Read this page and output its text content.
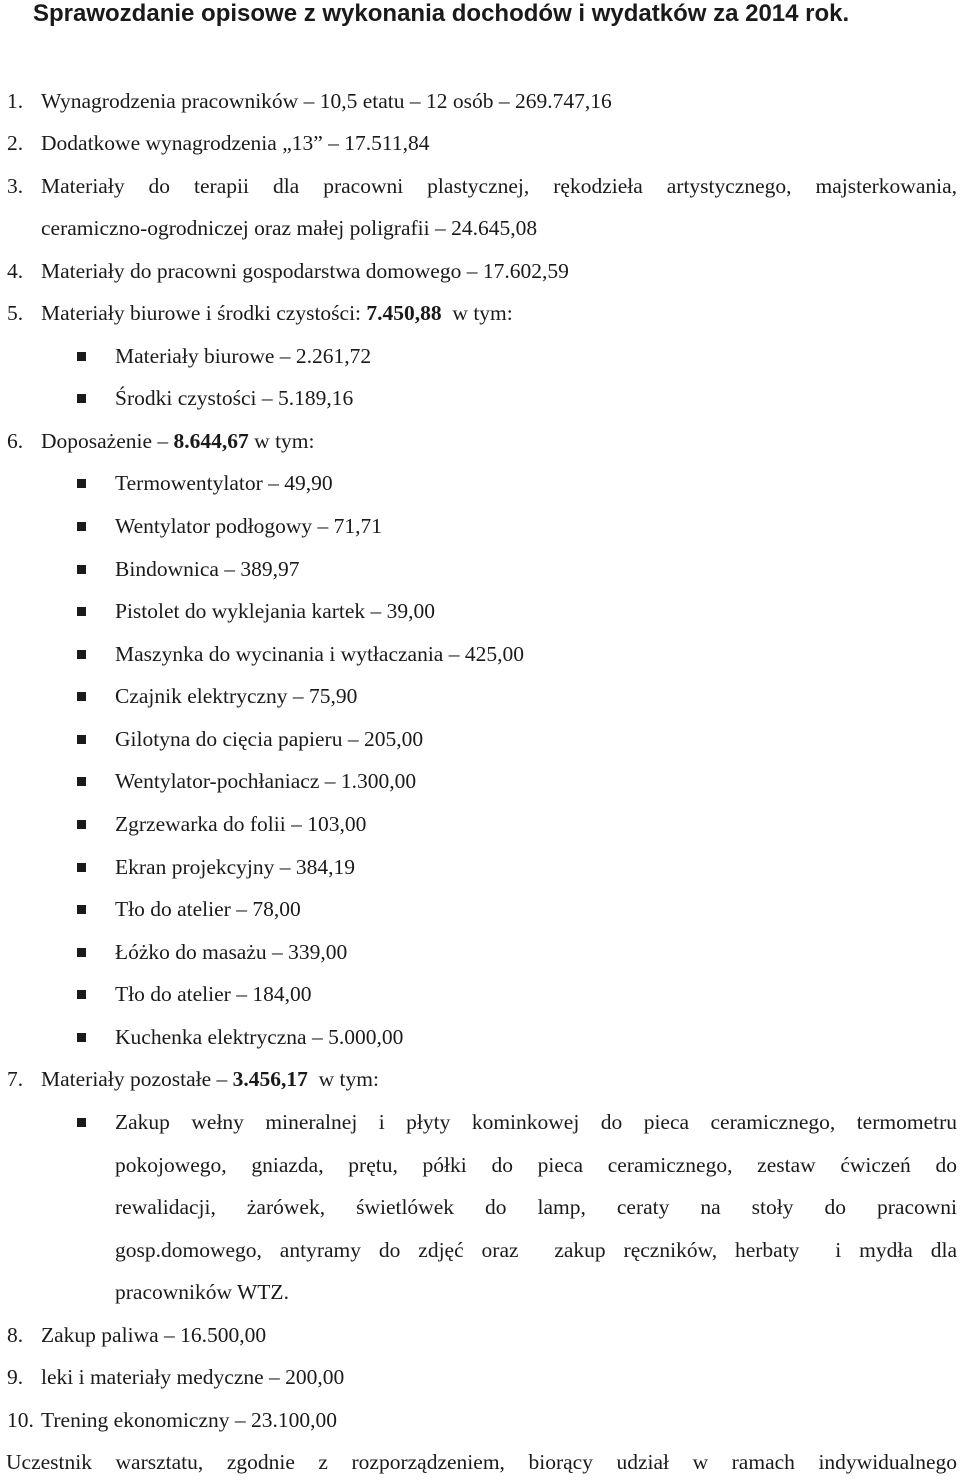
Sprawozdanie opisowe z wykonania dochodów i wydatków za 2014 rok.
1. Wynagrodzenia pracowników – 10,5 etatu – 12 osób – 269.747,16
2. Dodatkowe wynagrodzenia „13” – 17.511,84
3. Materiały do terapii dla pracowni plastycznej, rękodzieła artystycznego, majsterkowania,
ceramiczno-ogrodniczej oraz małej poligrafii – 24.645,08
4. Materiały do pracowni gospodarstwa domowego – 17.602,59
5. Materiały biurowe i środki czystości: 7.450,88  w tym:
Materiały biurowe – 2.261,72
Środki czystości – 5.189,16
6. Doposażenie – 8.644,67 w tym:
Termowentylator – 49,90
Wentylator podłogowy – 71,71
Bindownica – 389,97
Pistolet do wyklejania kartek – 39,00
Maszynka do wycinania i wytłaczania – 425,00
Czajnik elektryczny – 75,90
Gilotyna do cięcia papieru – 205,00
Wentylator-pochłaniacz – 1.300,00
Zgrzewarka do folii – 103,00
Ekran projekcyjny – 384,19
Tło do atelier – 78,00
Łóżko do masażu – 339,00
Tło do atelier – 184,00
Kuchenka elektryczna – 5.000,00
7. Materiały pozostałe – 3.456,17  w tym:
Zakup wełny mineralnej i płyty kominkowej do pieca ceramicznego, termometru
pokojowego, gniazda, prętu, półki do pieca ceramicznego, zestaw ćwiczeń do
rewalidacji, żarówek, świetlówek do lamp, ceraty na stoły do pracowni
gosp.domowego, antyramy do zdjęć oraz  zakup ręczników, herbaty  i mydła dla
pracowników WTZ.
8. Zakup paliwa – 16.500,00
9. leki i materiały medyczne – 200,00
10. Trening ekonomiczny – 23.100,00
Uczestnik warsztatu, zgodnie z rozporządzeniem, biorący udział w ramach indywidualnego
